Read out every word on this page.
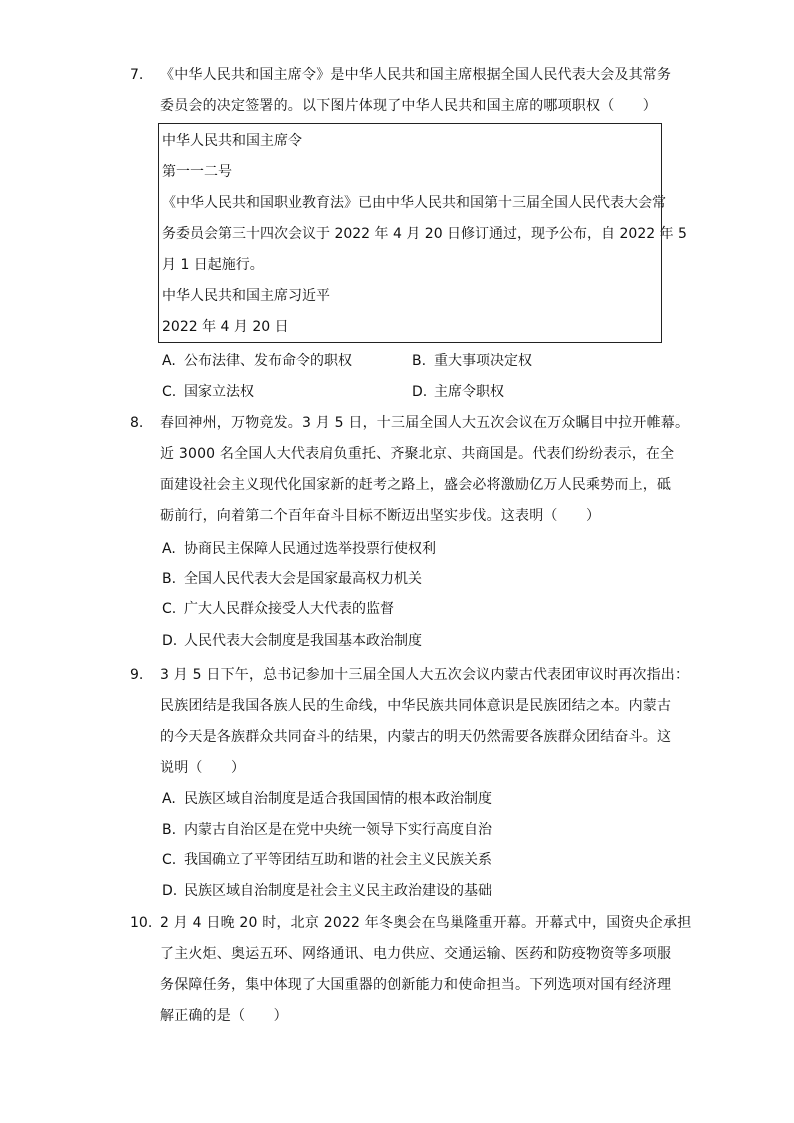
7.	《中华人民共和国主席令》是中华人民共和国主席根据全国人民代表大会及其常务

委员会的决定签署的。以下图片体现了中华人民共和国主席的哪项职权（　　）

中华人民共和国主席令

第一一二号

《中华人民共和国职业教育法》已由中华人民共和国第十三届全国人民代表大会常

务委员会第三十四次会议于 2022 年 4 月 20 日修订通过，现予公布，自 2022 年 5

月 1 日起施行。

中华人民共和国主席习近平

2022 年 4 月 20 日

A. 公布法律、发布命令的职权	B. 重大事项决定权
C. 国家立法权	D. 主席令职权
8.	春回神州，万物竞发。3 月 5 日，十三届全国人大五次会议在万众瞩目中拉开帷幕。

近 3000 名全国人大代表肩负重托、齐聚北京、共商国是。代表们纷纷表示，在全

面建设社会主义现代化国家新的赶考之路上，盛会必将激励亿万人民乘势而上，砥

砺前行，向着第二个百年奋斗目标不断迈出坚实步伐。这表明（　　）

A. 协商民主保障人民通过选举投票行使权利
B. 全国人民代表大会是国家最高权力机关
C. 广大人民群众接受人大代表的监督
D. 人民代表大会制度是我国基本政治制度
9.	3 月 5 日下午，总书记参加十三届全国人大五次会议内蒙古代表团审议时再次指出：

民族团结是我国各族人民的生命线，中华民族共同体意识是民族团结之本。内蒙古

的今天是各族群众共同奋斗的结果，内蒙古的明天仍然需要各族群众团结奋斗。这

说明（　　）

A. 民族区域自治制度是适合我国国情的根本政治制度
B. 内蒙古自治区是在党中央统一领导下实行高度自治
C. 我国确立了平等团结互助和谐的社会主义民族关系
D. 民族区域自治制度是社会主义民主政治建设的基础
10. 2 月 4 日晚 20 时，北京 2022 年冬奥会在鸟巢隆重开幕。开幕式中，国资央企承担

了主火炬、奥运五环、网络通讯、电力供应、交通运输、医药和防疫物资等多项服

务保障任务，集中体现了大国重器的创新能力和使命担当。下列选项对国有经济理

解正确的是（　　）
